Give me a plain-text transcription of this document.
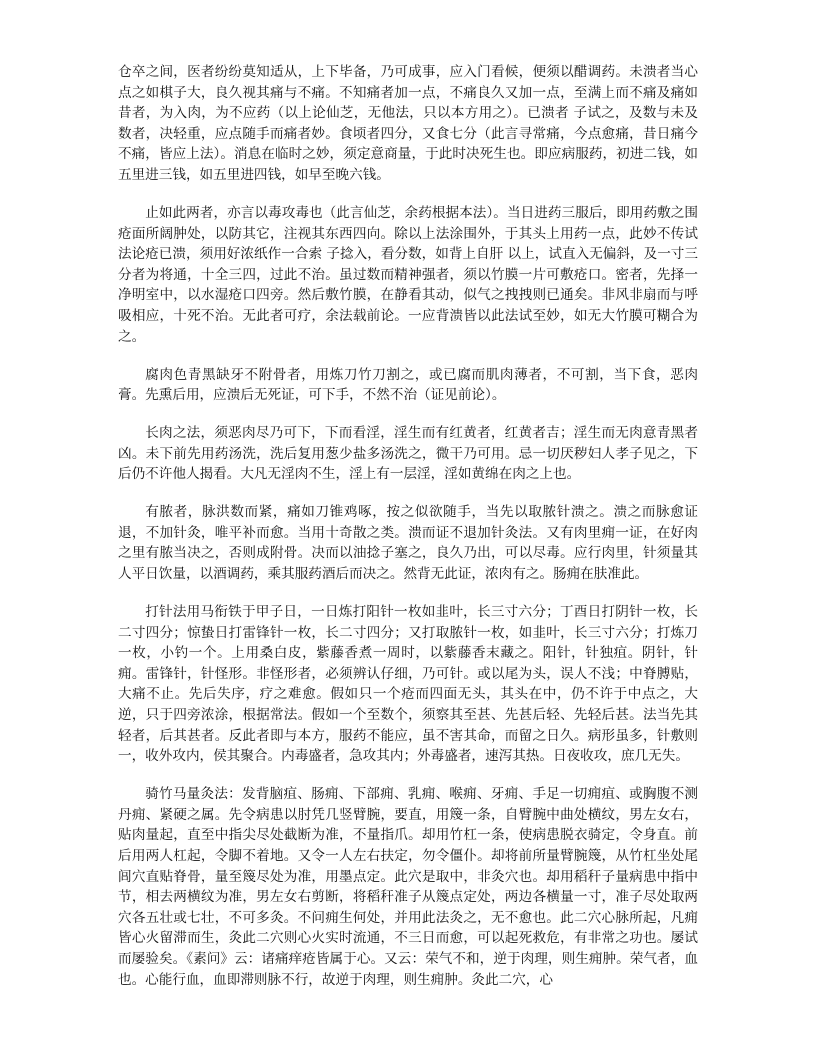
仓卒之间，医者纷纷莫知适从，上下毕备，乃可成事，应入门看候，便须以醋调药。未溃者当心点之如棋子大，良久视其痛与不痛。不知痛者加一点，不痛良久又加一点，至满上而不痛及痛如昔者，为入肉，为不应药（以上论仙芝，无他法，只以本方用之）。已溃者 子试之，及数与未及数者，决轻重，应点随手而痛者妙。食顷者四分，又食七分（此言寻常痛，今点愈痛，昔日痛今不痛，皆应上法）。消息在临时之妙，须定意商量，于此时决死生也。即应病服药，初进二钱，如五里进三钱，如五里进四钱，如早至晚六钱。

止如此两者，亦言以毒攻毒也（此言仙芝，余药根据本法）。当日进药三服后，即用药敷之围疮面所阔肿处，以防其它，注视其东西四向。除以上法涂围外，于其头上用药一点，此妙不传试法论疮已溃，须用好浓纸作一合索 子捻入，看分数，如背上自肝 以上，试直入无偏斜，及一寸三分者为将通，十全三四，过此不治。虽过数而精神强者，须以竹膜一片可敷疮口。密者，先择一净明室中，以水湿疮口四旁。然后敷竹膜，在静看其动，似气之拽拽则已通矣。非风非扇而与呼吸相应，十死不治。无此者可疗，余法载前论。一应背溃皆以此法试至妙，如无大竹膜可糊合为之。

腐肉色青黑缺牙不附骨者，用炼刀竹刀割之，或已腐而肌肉薄者，不可割，当下食，恶肉膏。先熏后用，应溃后无死证，可下手，不然不治（证见前论）。

长肉之法，须恶肉尽乃可下，下而看淫，淫生而有红黄者，红黄者吉；淫生而无肉意青黑者凶。未下前先用药汤洗，洗后复用葱少盐多汤洗之，微干乃可用。忌一切厌秽妇人孝子见之，下后仍不许他人揭看。大凡无淫肉不生，淫上有一层淫，淫如黄绵在肉之上也。

有脓者，脉洪数而紧，痛如刀锥鸡啄，按之似欲随手，当先以取脓针溃之。溃之而脉愈证退，不加针灸，唯平补而愈。当用十奇散之类。溃而证不退加针灸法。又有肉里痈一证，在好肉之里有脓当决之，否则成附骨。决而以油捻子塞之，良久乃出，可以尽毒。应行肉里，针须量其人平日饮量，以酒调药，乘其服药酒后而决之。然背无此证，浓肉有之。肠痈在肤准此。

打针法用马衔铁于甲子日，一日炼打阳针一枚如韭叶，长三寸六分；丁酉日打阴针一枚，长二寸四分；惊蛰日打雷锋针一枚，长二寸四分；又打取脓针一枚，如韭叶，长三寸六分；打炼刀一枚，小钓一个。上用桑白皮，紫藤香煮一周时，以紫藤香末藏之。阳针，针独疽。阴针，针痈。雷锋针，针怪形。非怪形者，必须辨认仔细，乃可针。或以尾为头，误人不浅；中脊膊贴，大痛不止。先后失序，疗之难愈。假如只一个疮而四面无头，其头在中，仍不许于中点之，大逆，只于四旁浓涂，根据常法。假如一个至数个，须察其至甚、先甚后轻、先轻后甚。法当先其轻者，后其甚者。反此者即与本方，服药不能应，虽不害其命，而留之日久。病形虽多，针敷则一，收外攻内，侯其聚合。内毒盛者，急攻其内；外毒盛者，速泻其热。日夜收攻，庶几无失。

骑竹马量灸法：发背脑疽、肠痈、下部痈、乳痈、喉痈、牙痈、手足一切痈疽、或胸腹不测丹痈、紧硬之属。先令病患以肘凭几竖臂腕，要直，用篾一条，自臂腕中曲处横纹，男左女右，贴肉量起，直至中指尖尽处截断为准，不量指爪。却用竹杠一条，使病患脱衣骑定，令身直。前后用两人杠起，令脚不着地。又令一人左右扶定，勿令僵仆。却将前所量臂腕篾，从竹杠坐处尾闾穴直贴脊骨，量至篾尽处为准，用墨点定。此穴是取中，非灸穴也。却用稻秆子量病患中指中节，相去两横纹为准，男左女右剪断，将稻秆准子从篾点定处，两边各横量一寸，准子尽处取两穴各五壮或七壮，不可多灸。不问痈生何处，并用此法灸之，无不愈也。此二穴心脉所起，凡痈皆心火留滞而生，灸此二穴则心火实时流通，不三日而愈，可以起死救危，有非常之功也。屡试而屡验矣。《素问》云：诸痛痒疮皆属于心。又云：荣气不和，逆于肉理，则生痈肿。荣气者，血也。心能行血，血即滞则脉不行，故逆于肉理，则生痈肿。灸此二穴，心
